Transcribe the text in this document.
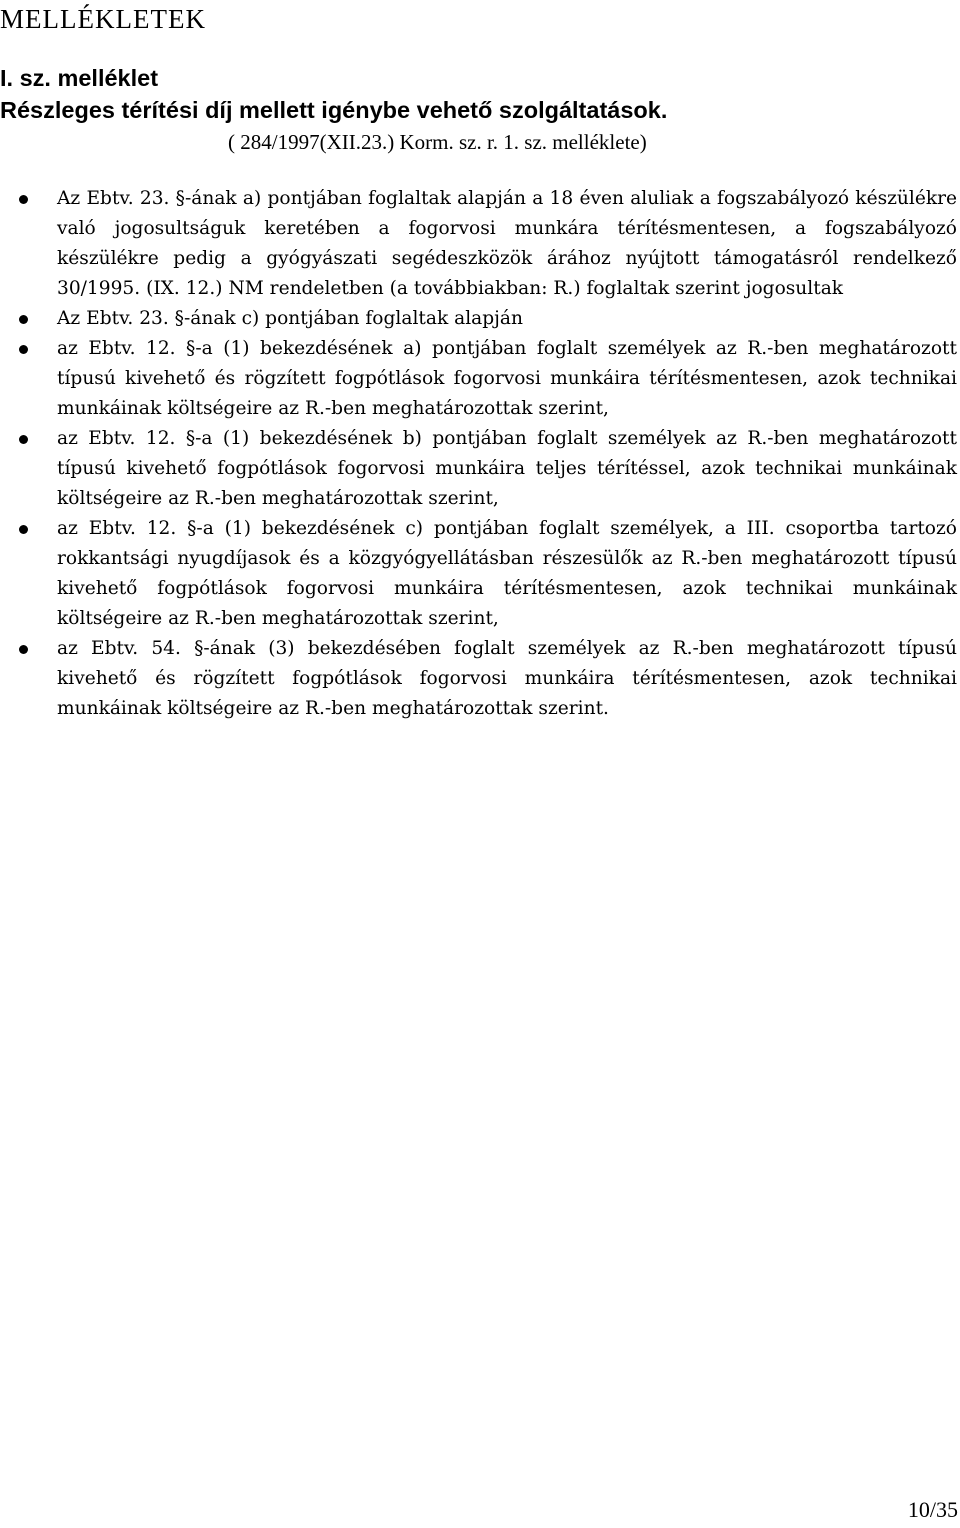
MELLÉKLETEK
I. sz. melléklet
Részleges térítési díj mellett igénybe vehető szolgáltatások.
( 284/1997(XII.23.) Korm. sz. r. 1. sz. melléklete)
Az Ebtv. 23. §-ának a) pontjában foglaltak alapján a 18 éven aluliak a fogszabályozó készülékre való jogosultságuk keretében a fogorvosi munkára térítésmentesen, a fogszabályozó készülékre pedig a gyógyászati segédeszközök árához nyújtott támogatásról rendelkező 30/1995. (IX. 12.) NM rendeletben (a továbbiakban: R.) foglaltak szerint jogosultak
Az Ebtv. 23. §-ának c) pontjában foglaltak alapján
az Ebtv. 12. §-a (1) bekezdésének a) pontjában foglalt személyek az R.-ben meghatározott típusú kivehető és rögzített fogpótlások fogorvosi munkáira térítésmentesen, azok technikai munkáinak költségeire az R.-ben meghatározottak szerint,
az Ebtv. 12. §-a (1) bekezdésének b) pontjában foglalt személyek az R.-ben meghatározott típusú kivehető fogpótlások fogorvosi munkáira teljes térítéssel, azok technikai munkáinak költségeire az R.-ben meghatározottak szerint,
az Ebtv. 12. §-a (1) bekezdésének c) pontjában foglalt személyek, a III. csoportba tartozó rokkantsági nyugdíjasok és a közgyógyellátásban részesülők az R.-ben meghatározott típusú kivehető fogpótlások fogorvosi munkáira térítésmentesen, azok technikai munkáinak költségeire az R.-ben meghatározottak szerint,
az Ebtv. 54. §-ának (3) bekezdésében foglalt személyek az R.-ben meghatározott típusú kivehető és rögzített fogpótlások fogorvosi munkáira térítésmentesen, azok technikai munkáinak költségeire az R.-ben meghatározottak szerint.
10/35
